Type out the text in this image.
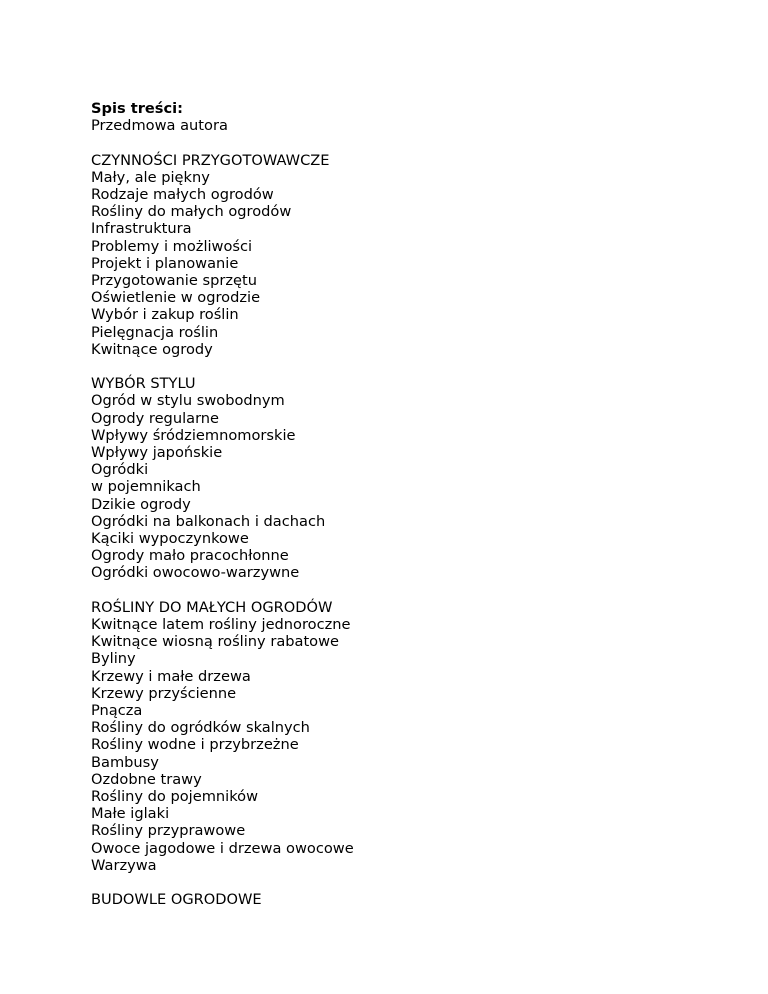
Spis treści:
Przedmowa autora
CZYNNOŚCI PRZYGOTOWAWCZE
Mały, ale piękny
Rodzaje małych ogrodów
Rośliny do małych ogrodów
Infrastruktura
Problemy i możliwości
Projekt i planowanie
Przygotowanie sprzętu
Oświetlenie w ogrodzie
Wybór i zakup roślin
Pielęgnacja roślin
Kwitnące ogrody
WYBÓR STYLU
Ogród w stylu swobodnym
Ogrody regularne
Wpływy śródziemnomorskie
Wpływy japońskie
Ogródki
w pojemnikach
Dzikie ogrody
Ogródki na balkonach i dachach
Kąciki wypoczynkowe
Ogrody mało pracochłonne
Ogródki owocowo-warzywne
ROŚLINY DO MAŁYCH OGRODÓW
Kwitnące latem rośliny jednoroczne
Kwitnące wiosną rośliny rabatowe
Byliny
Krzewy i małe drzewa
Krzewy przyścienne
Pnącza
Rośliny do ogródków skalnych
Rośliny wodne i przybrzeżne
Bambusy
Ozdobne trawy
Rośliny do pojemników
Małe iglaki
Rośliny przyprawowe
Owoce jagodowe i drzewa owocowe
Warzywa
BUDOWLE OGRODOWE
